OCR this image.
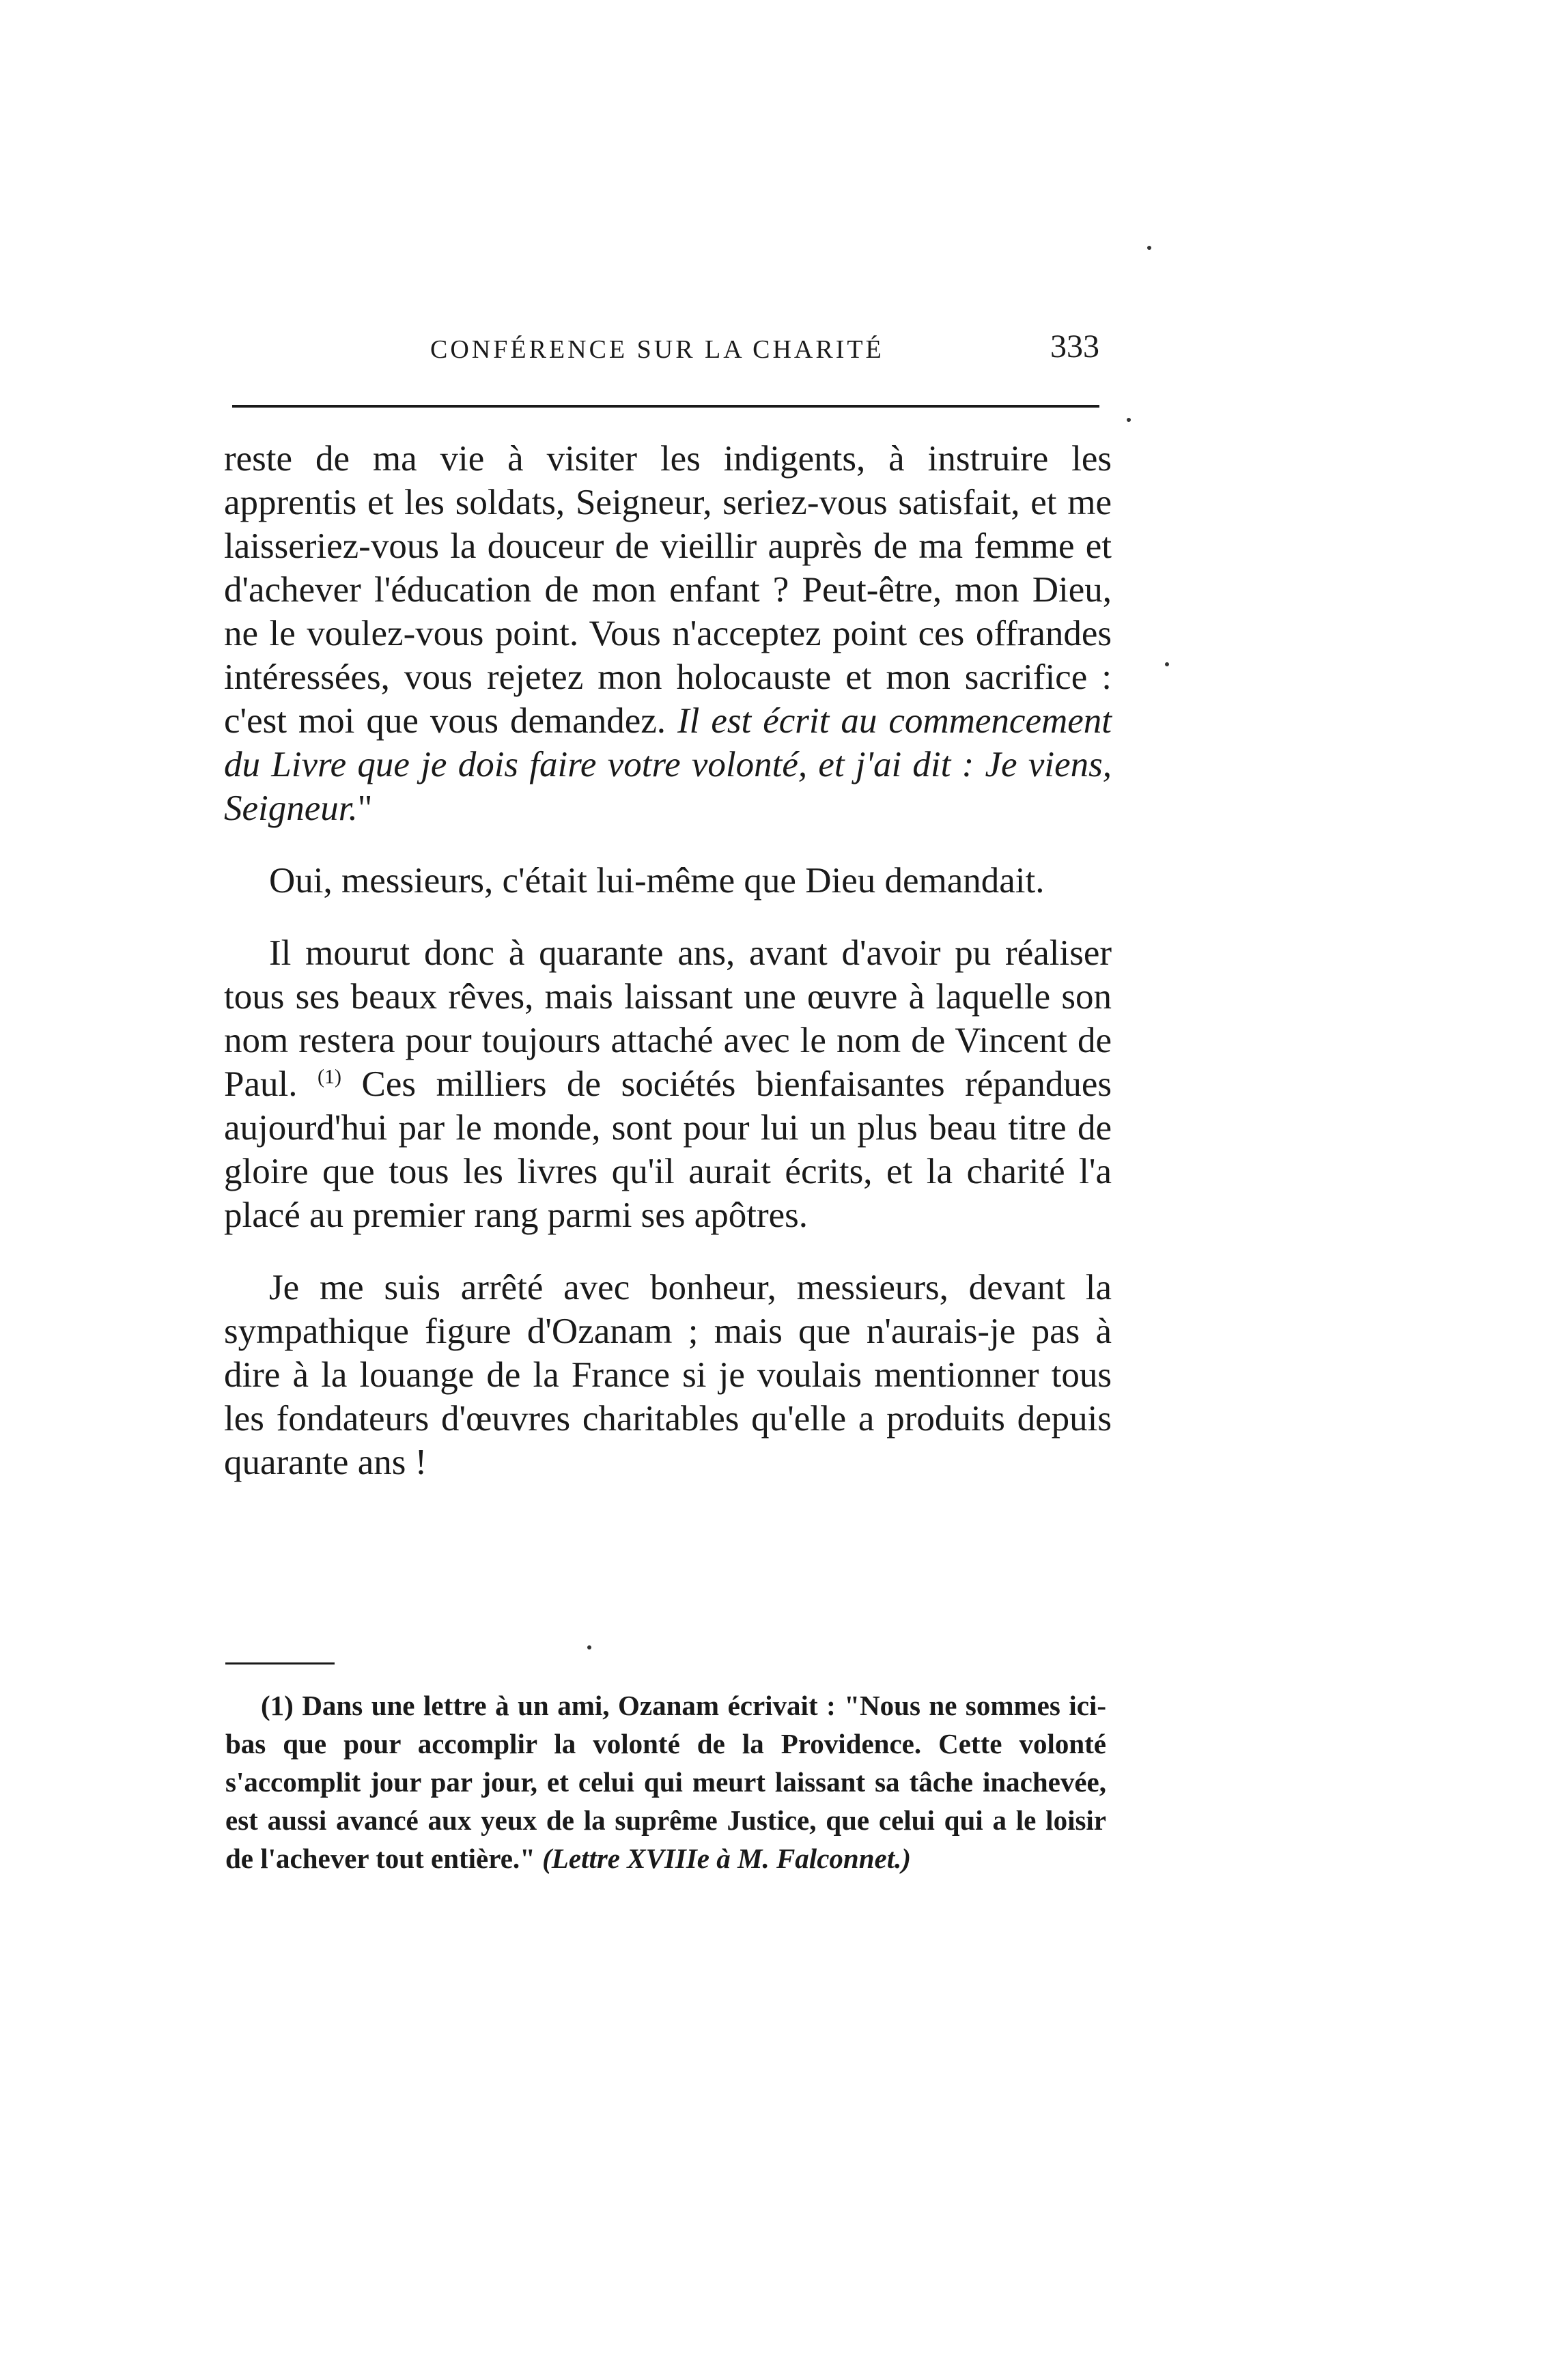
CONFÉRENCE SUR LA CHARITÉ	333

reste de ma vie à visiter les indigents, à instruire les apprentis et les soldats, Seigneur, seriez-vous satisfait, et me laisseriez-vous la douceur de vieillir auprès de ma femme et d'achever l'éducation de mon enfant ? Peut-être, mon Dieu, ne le voulez-vous point. Vous n'acceptez point ces offrandes intéressées, vous rejetez mon holocauste et mon sacrifice : c'est moi que vous demandez. Il est écrit au commencement du Livre que je dois faire votre volonté, et j'ai dit : Je viens, Seigneur."

Oui, messieurs, c'était lui-même que Dieu demandait.

Il mourut donc à quarante ans, avant d'avoir pu réaliser tous ses beaux rêves, mais laissant une œuvre à laquelle son nom restera pour toujours attaché avec le nom de Vincent de Paul. $^{(1)}$ Ces milliers de sociétés bienfaisantes répandues aujourd'hui par le monde, sont pour lui un plus beau titre de gloire que tous les livres qu'il aurait écrits, et la charité l'a placé au premier rang parmi ses apôtres.

Je me suis arrêté avec bonheur, messieurs, devant la sympathique figure d'Ozanam ; mais que n'aurais-je pas à dire à la louange de la France si je voulais mentionner tous les fondateurs d'œuvres charitables qu'elle a produits depuis quarante ans !

(1) Dans une lettre à un ami, Ozanam écrivait : "Nous ne sommes ici-bas que pour accomplir la volonté de la Providence. Cette volonté s'accomplit jour par jour, et celui qui meurt laissant sa tâche inachevée, est aussi avancé aux yeux de la suprême Justice, que celui qui a le loisir de l'achever tout entière." (Lettre XVIIIe à M. Falconnet.)
